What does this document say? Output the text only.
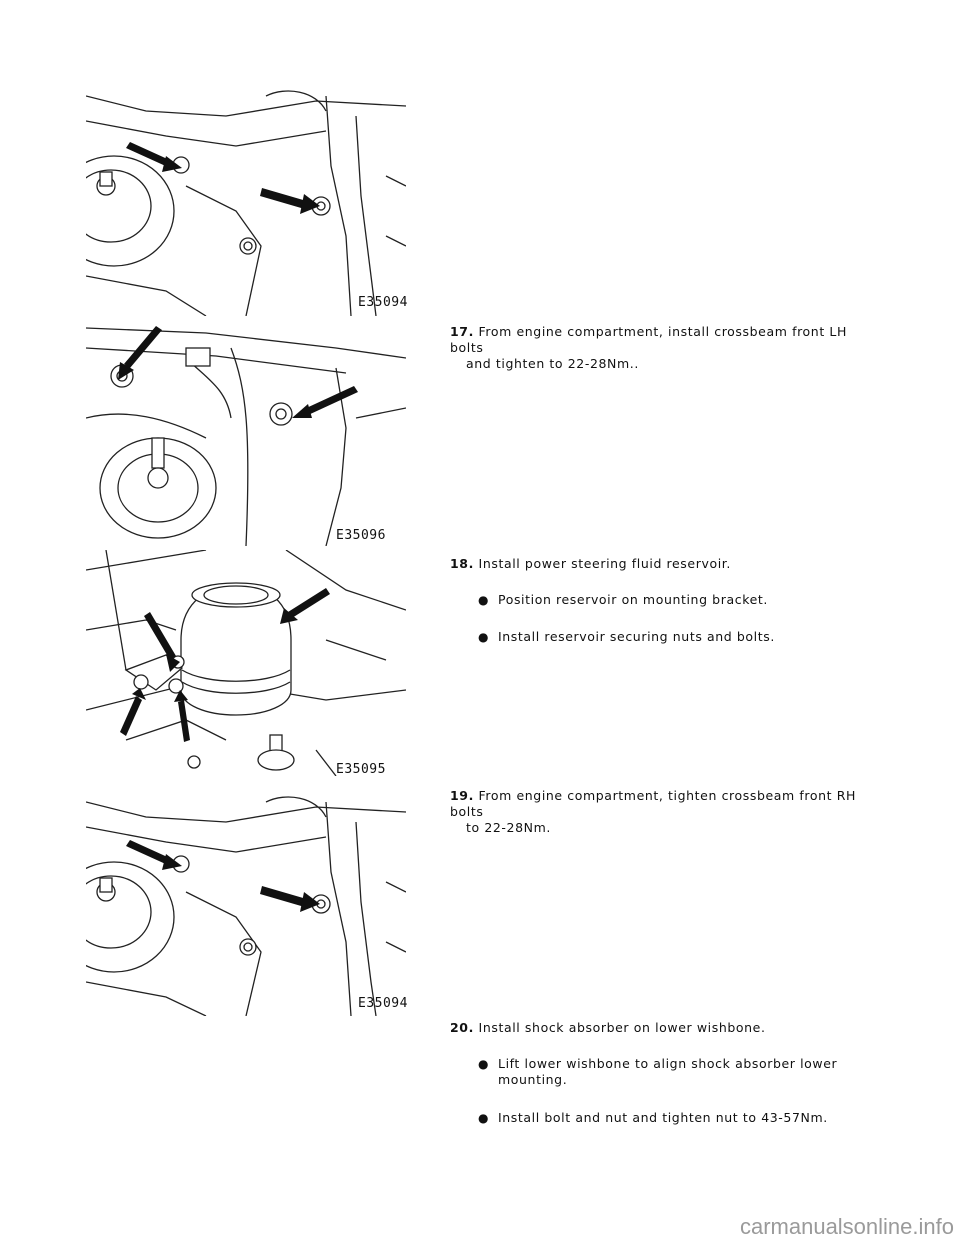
E35094
E35096
E35095
E35094
17. From engine compartment, install crossbeam front LH bolts
and tighten to 22-28Nm..
18. Install power steering fluid reservoir.
● Position reservoir on mounting bracket.
● Install reservoir securing nuts and bolts.
19. From engine compartment, tighten crossbeam front RH bolts
to 22-28Nm.
20. Install shock absorber on lower wishbone.
● Lift lower wishbone to align shock absorber lower
mounting.
● Install bolt and nut and tighten nut to 43-57Nm.
carmanualsonline.info
